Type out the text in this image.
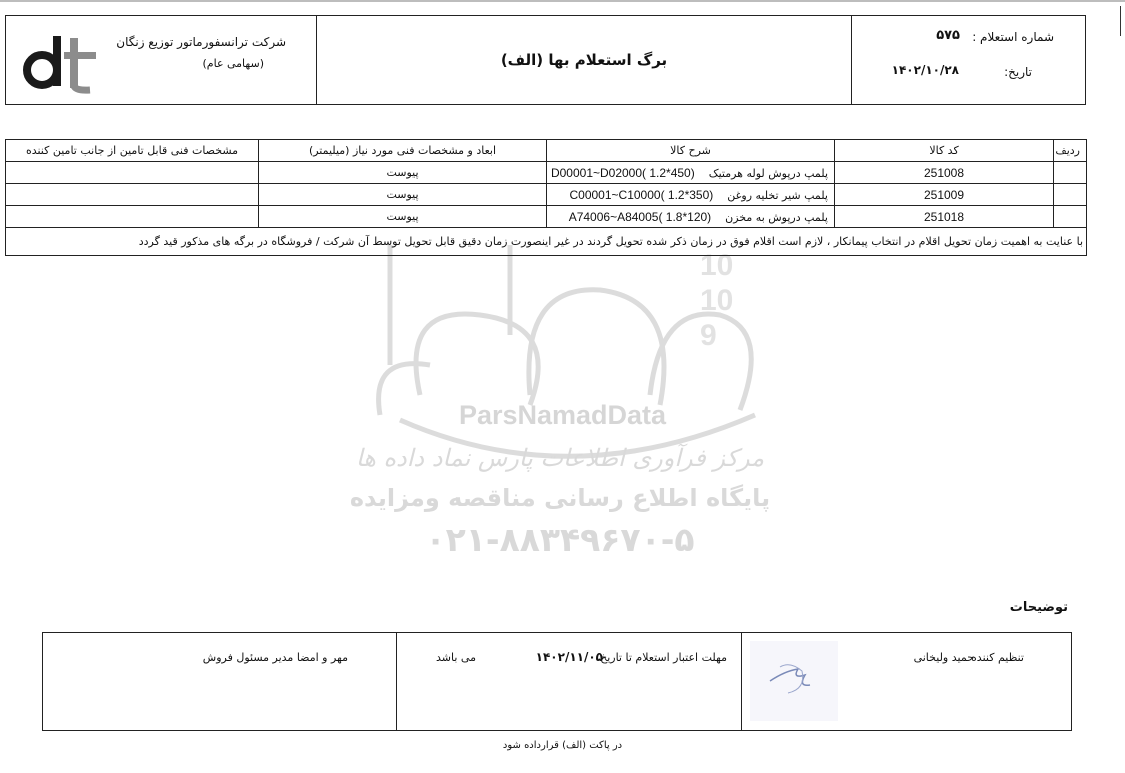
10
10
9
ParsNamadData
مرکز فرآوری اطلاعات پارس نماد داده ها
پایگاه اطلاع رسانی مناقصه ومزایده
۰۲۱-۸۸۳۴۹۶۷۰-۵
شرکت ترانسفورماتور توزیع زنگان
(سهامی عام)	برگ استعلام بها (الف)
شماره استعلام :
۵۷۵
تاریخ:
۱۴۰۲/۱۰/۲۸
ردیف	کد کالا	شرح کالا	ابعاد و مشخصات فنی مورد نیاز (میلیمتر)	مشخصات فنی قابل تامین از جانب تامین کننده
	251008	پلمپ درپوش لوله هرمتیک    D00001~D02000( 1.2*450)	پیوست	
	251009	پلمپ شیر تخلیه روغن    C00001~C10000( 1.2*350)	پیوست	
	251018	پلمپ درپوش به مخزن    A74006~A84005( 1.8*120)	پیوست	
با عنایت به اهمیت زمان تحویل اقلام در انتخاب پیمانکار ، لازم است اقلام فوق در زمان ذکر شده تحویل گردند در غیر اینصورت زمان دقیق قابل تحویل توسط آن شرکت / فروشگاه در برگه های مذکور قید گردد				
توضیحات
مهر و امضا مدیر مسئول فروش	مهلت اعتبار استعلام تا تاریخ
۱۴۰۲/۱۱/۰۵
می باشد	تنظیم کننده
حمید ولیخانی
در پاکت (الف) قرارداده شود
